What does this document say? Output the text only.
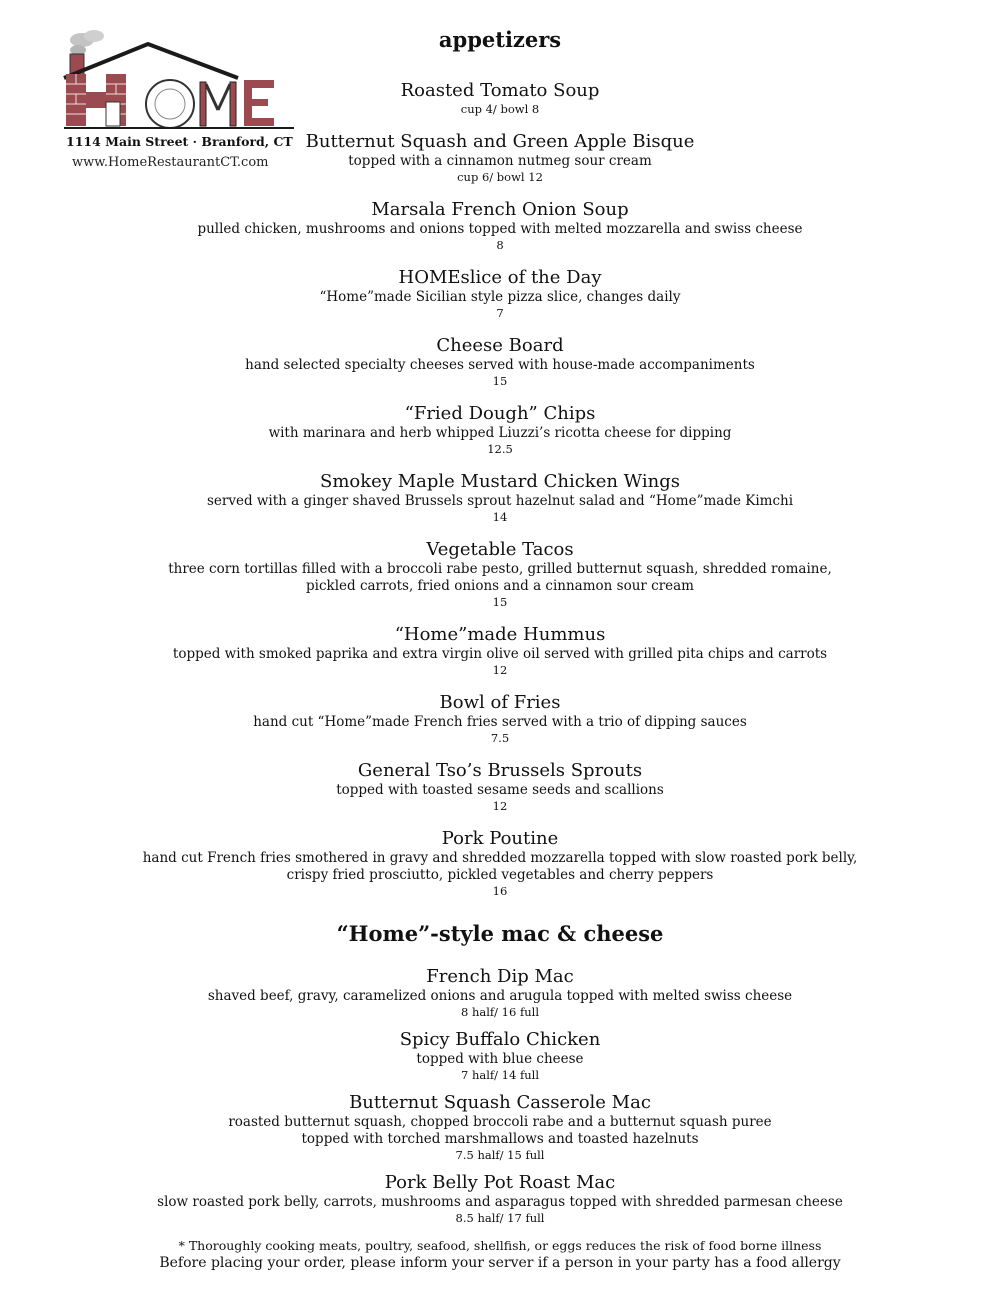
1114 Main Street · Branford, CT
www.HomeRestaurantCT.com
appetizers
Roasted Tomato Soup
cup 4/ bowl 8
Butternut Squash and Green Apple Bisque
topped with a cinnamon nutmeg sour cream
cup 6/ bowl 12
Marsala French Onion Soup
pulled chicken, mushrooms and onions topped with melted mozzarella and swiss cheese
8
HOMEslice of the Day
“Home”made Sicilian style pizza slice, changes daily
7
Cheese Board
hand selected specialty cheeses served with house-made accompaniments
15
“Fried Dough” Chips
with marinara and herb whipped Liuzzi’s ricotta cheese for dipping
12.5
Smokey Maple Mustard Chicken Wings
served with a ginger shaved Brussels sprout hazelnut salad and “Home”made Kimchi
14
Vegetable Tacos
three corn tortillas filled with a broccoli rabe pesto, grilled butternut squash, shredded romaine,
pickled carrots, fried onions and a cinnamon sour cream
15
“Home”made Hummus
topped with smoked paprika and extra virgin olive oil served with grilled pita chips and carrots
12
Bowl of Fries
hand cut “Home”made French fries served with a trio of dipping sauces
7.5
General Tso’s Brussels Sprouts
topped with toasted sesame seeds and scallions
12
Pork Poutine
hand cut French fries smothered in gravy and shredded mozzarella topped with slow roasted pork belly,
crispy fried prosciutto, pickled vegetables and cherry peppers
16
“Home”-style mac & cheese
French Dip Mac
shaved beef, gravy, caramelized onions and arugula topped with melted swiss cheese
8 half/ 16 full
Spicy Buffalo Chicken
topped with blue cheese
7 half/ 14 full
Butternut Squash Casserole Mac
roasted butternut squash, chopped broccoli rabe and a butternut squash puree
topped with torched marshmallows and toasted hazelnuts
7.5 half/ 15 full
Pork Belly Pot Roast Mac
slow roasted pork belly, carrots, mushrooms and asparagus topped with shredded parmesan cheese
8.5 half/ 17 full
* Thoroughly cooking meats, poultry, seafood, shellfish, or eggs reduces the risk of food borne illness
Before placing your order, please inform your server if a person in your party has a food allergy
